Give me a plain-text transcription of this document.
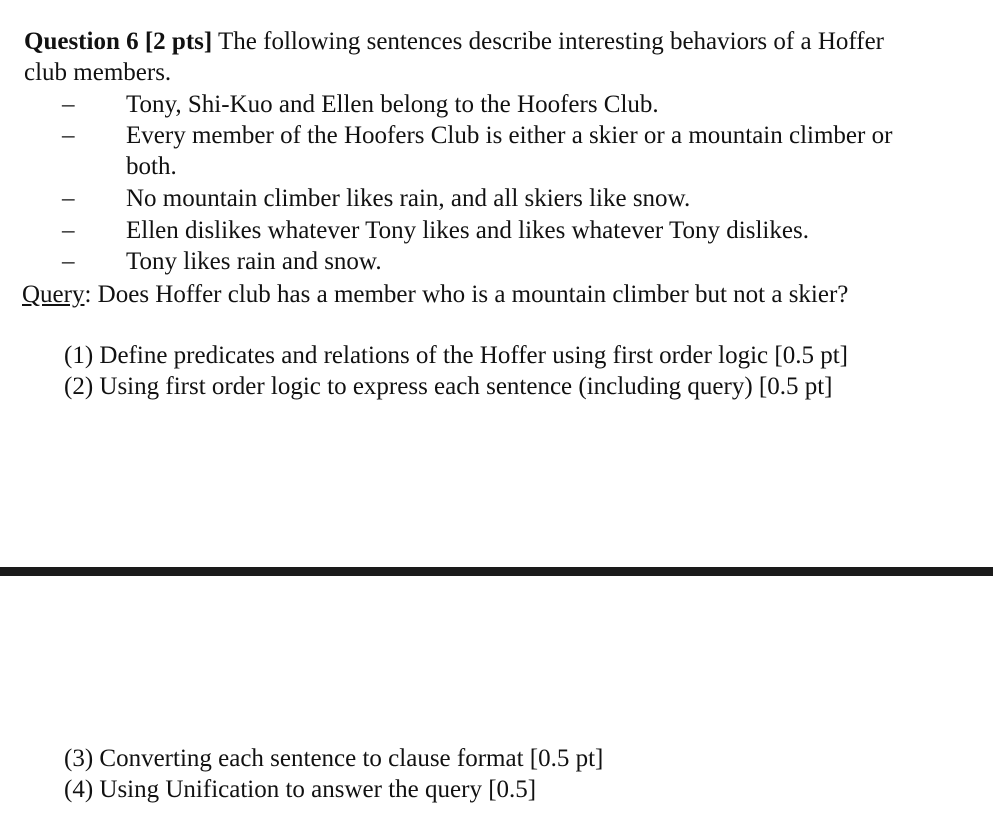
Question 6 [2 pts] The following sentences describe interesting behaviors of a Hoffer
club members.
– Tony, Shi-Kuo and Ellen belong to the Hoofers Club.
– Every member of the Hoofers Club is either a skier or a mountain climber or
both.
– No mountain climber likes rain, and all skiers like snow.
– Ellen dislikes whatever Tony likes and likes whatever Tony dislikes.
– Tony likes rain and snow.
Query: Does Hoffer club has a member who is a mountain climber but not a skier?
(1) Define predicates and relations of the Hoffer using first order logic [0.5 pt]
(2) Using first order logic to express each sentence (including query) [0.5 pt]
(3) Converting each sentence to clause format [0.5 pt]
(4) Using Unification to answer the query [0.5]
